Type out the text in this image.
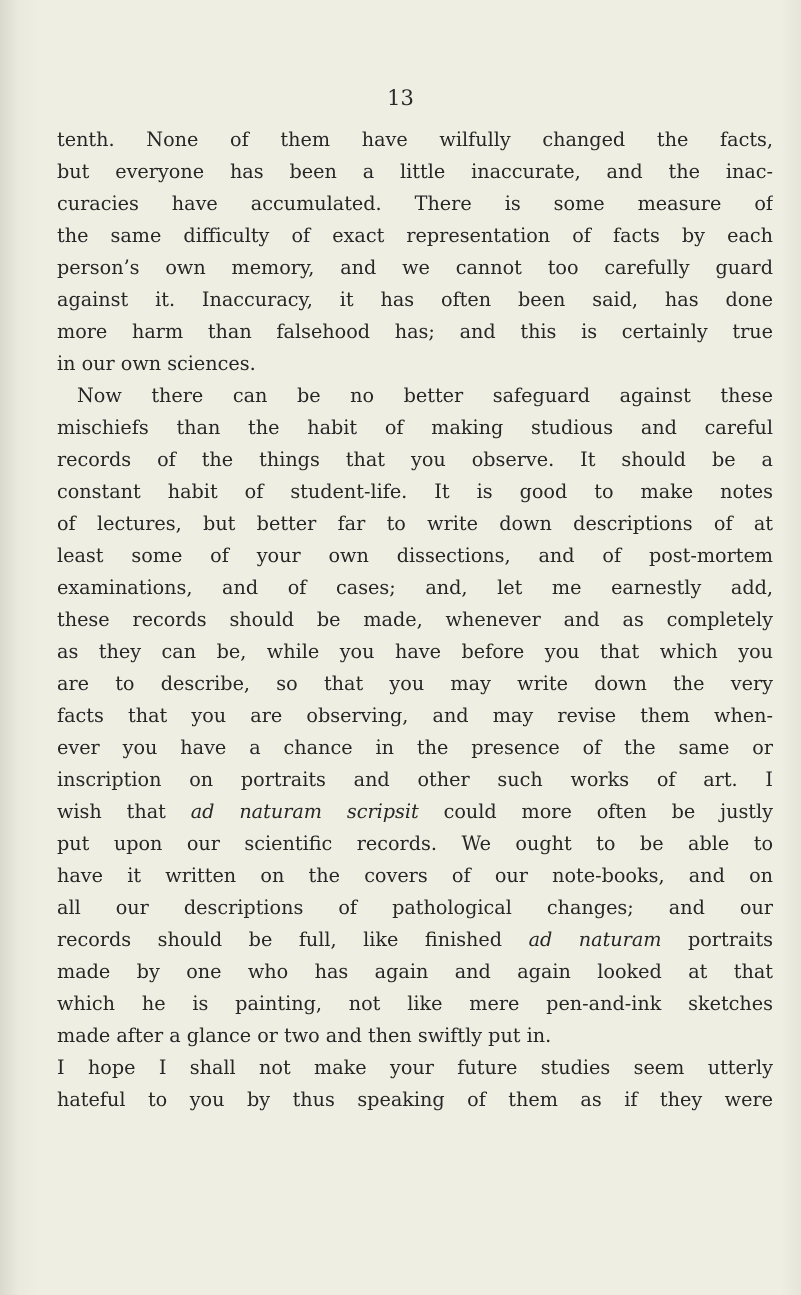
13
tenth. None of them have wilfully changed the facts,
but everyone has been a little inaccurate, and the inac-
curacies have accumulated. There is some measure of
the same difficulty of exact representation of facts by each
person’s own memory, and we cannot too carefully guard
against it. Inaccuracy, it has often been said, has done
more harm than falsehood has; and this is certainly true
in our own sciences.
Now there can be no better safeguard against these
mischiefs than the habit of making studious and careful
records of the things that you observe. It should be a
constant habit of student-life. It is good to make notes
of lectures, but better far to write down descriptions of at
least some of your own dissections, and of post-mortem
examinations, and of cases; and, let me earnestly add,
these records should be made, whenever and as completely
as they can be, while you have before you that which you
are to describe, so that you may write down the very
facts that you are observing, and may revise them when-
ever you have a chance in the presence of the same or
inscription on portraits and other such works of art. I
wish that ad naturam scripsit could more often be justly
put upon our scientific records. We ought to be able to
have it written on the covers of our note-books, and on
all our descriptions of pathological changes; and our
records should be full, like finished ad naturam portraits
made by one who has again and again looked at that
which he is painting, not like mere pen-and-ink sketches
made after a glance or two and then swiftly put in.
I hope I shall not make your future studies seem utterly
hateful to you by thus speaking of them as if they were
